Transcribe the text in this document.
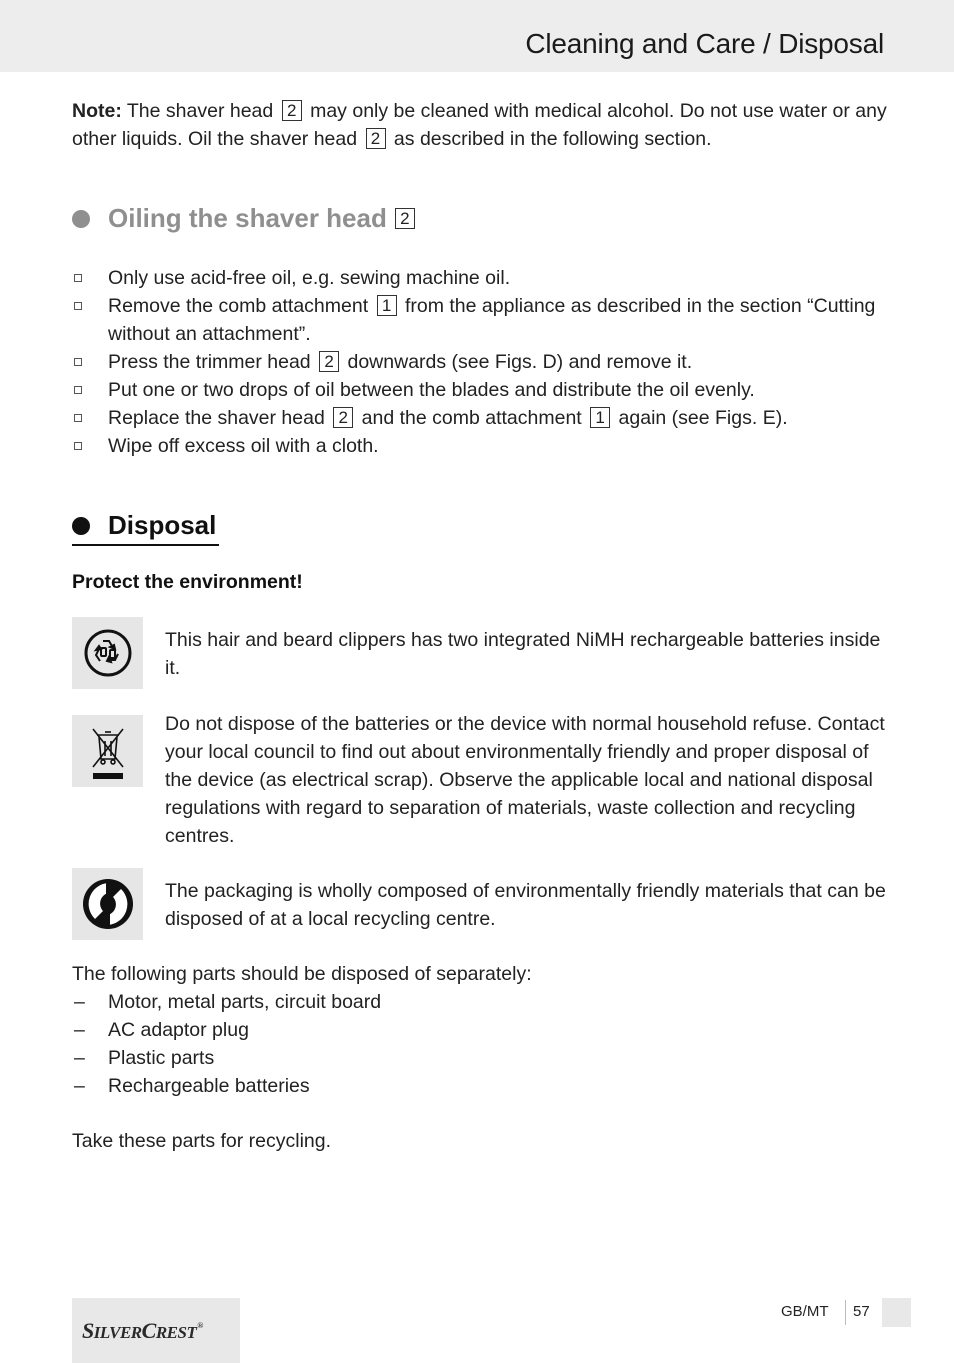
Cleaning and Care / Disposal
Note: The shaver head 2 may only be cleaned with medical alcohol. Do not use water or any other liquids. Oil the shaver head 2 as described in the following section.
Oiling the shaver head 2
Only use acid-free oil, e.g. sewing machine oil.
Remove the comb attachment 1 from the appliance as described in the section “Cutting without an attachment”.
Press the trimmer head 2 downwards (see Figs. D) and remove it.
Put one or two drops of oil between the blades and distribute the oil evenly.
Replace the shaver head 2 and the comb attachment 1 again (see Figs. E).
Wipe off excess oil with a cloth.
Disposal
Protect the environment!
This hair and beard clippers has two integrated NiMH rechargeable batteries inside it.
Do not dispose of the batteries or the device with normal household refuse. Contact your local council to find out about environmentally friendly and proper disposal of the device (as electrical scrap). Observe the applicable local and national disposal regulations with regard to separation of materials, waste collection and recycling centres.
The packaging is wholly composed of environmentally friendly materials that can be disposed of at a local recycling centre.
The following parts should be disposed of separately:
– Motor, metal parts, circuit board
– AC adaptor plug
– Plastic parts
– Rechargeable batteries
Take these parts for recycling.
SILVERCREST®
GB/MT 57
